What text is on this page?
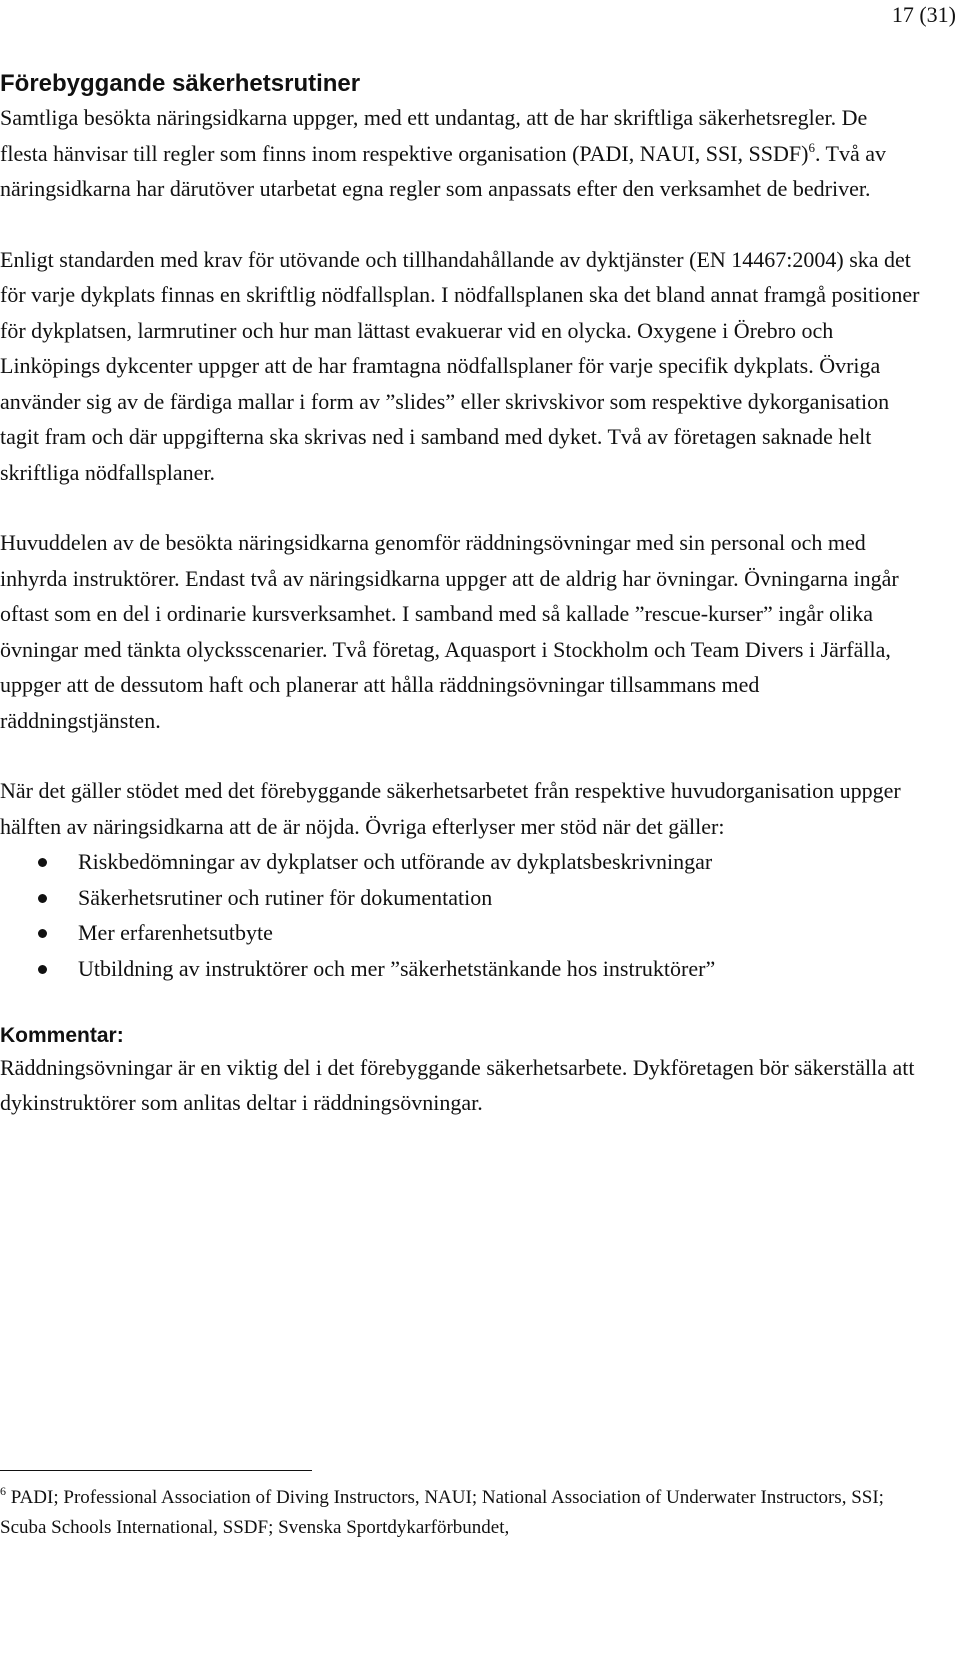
17 (31)
Förebyggande säkerhetsrutiner

Samtliga besökta näringsidkarna uppger, med ett undantag, att de har skriftliga säkerhetsregler. De flesta hänvisar till regler som finns inom respektive organisation (PADI, NAUI, SSI, SSDF)$^6$. Två av näringsidkarna har därutöver utarbetat egna regler som anpassats efter den verksamhet de bedriver.

Enligt standarden med krav för utövande och tillhandahållande av dyktjänster (EN 14467:2004) ska det för varje dykplats finnas en skriftlig nödfallsplan. I nödfallsplanen ska det bland annat framgå positioner för dykplatsen, larmrutiner och hur man lättast evakuerar vid en olycka. Oxygene i Örebro och Linköpings dykcenter uppger att de har framtagna nödfallsplaner för varje specifik dykplats. Övriga använder sig av de färdiga mallar i form av ”slides” eller skrivskivor som respektive dykorganisation tagit fram och där uppgifterna ska skrivas ned i samband med dyket. Två av företagen saknade helt skriftliga nödfallsplaner.

Huvuddelen av de besökta näringsidkarna genomför räddningsövningar med sin personal och med inhyrda instruktörer. Endast två av näringsidkarna uppger att de aldrig har övningar. Övningarna ingår oftast som en del i ordinarie kursverksamhet. I samband med så kallade ”rescue-kurser” ingår olika övningar med tänkta olycksscenarier. Två företag, Aquasport i Stockholm och Team Divers i Järfälla, uppger att de dessutom haft och planerar att hålla räddningsövningar tillsammans med räddningstjänsten.

När det gäller stödet med det förebyggande säkerhetsarbetet från respektive huvudorganisation uppger hälften av näringsidkarna att de är nöjda. Övriga efterlyser mer stöd när det gäller:

Riskbedömningar av dykplatser och utförande av dykplatsbeskrivningar
Säkerhetsrutiner och rutiner för dokumentation
Mer erfarenhetsutbyte
Utbildning av instruktörer och mer ”säkerhetstänkande hos instruktörer”
Kommentar:

Räddningsövningar är en viktig del i det förebyggande säkerhetsarbete. Dykföretagen bör säkerställa att dykinstruktörer som anlitas deltar i räddningsövningar.

$^6$ PADI; Professional Association of Diving Instructors, NAUI; National Association of Underwater Instructors, SSI; Scuba Schools International, SSDF; Svenska Sportdykarförbundet,
